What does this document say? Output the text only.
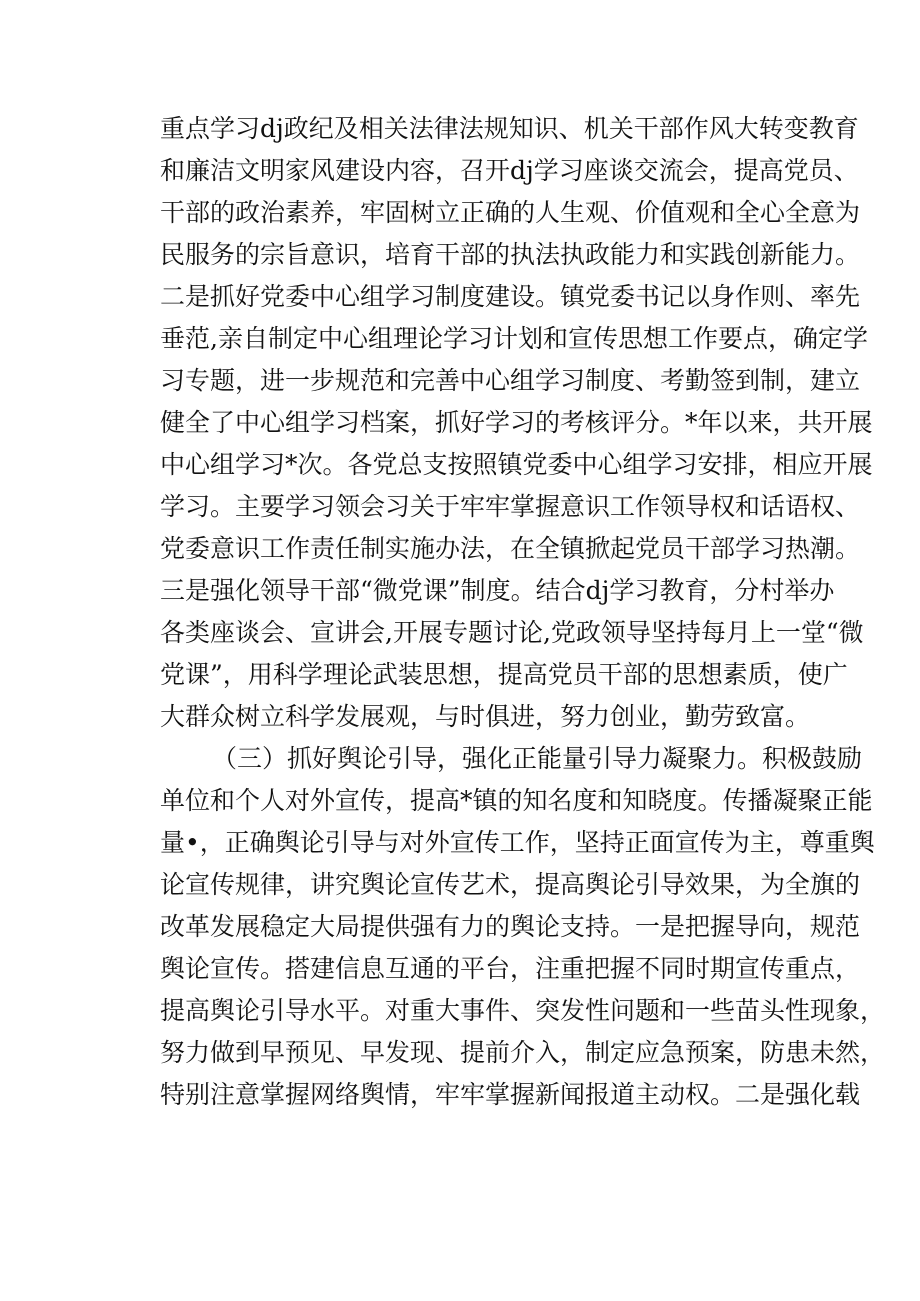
重点学习dj政纪及相关法律法规知识、机关干部作风大转变教育
和廉洁文明家风建设内容，召开dj学习座谈交流会，提高党员、
干部的政治素养，牢固树立正确的人生观、价值观和全心全意为
民服务的宗旨意识，培育干部的执法执政能力和实践创新能力。
二是抓好党委中心组学习制度建设。镇党委书记以身作则、率先
垂范,亲自制定中心组理论学习计划和宣传思想工作要点，确定学
习专题，进一步规范和完善中心组学习制度、考勤签到制，建立
健全了中心组学习档案，抓好学习的考核评分。*年以来，共开展
中心组学习*次。各党总支按照镇党委中心组学习安排，相应开展
学习。主要学习领会习关于牢牢掌握意识工作领导权和话语权、
党委意识工作责任制实施办法，在全镇掀起党员干部学习热潮。
三是强化领导干部“微党课”制度。结合dj学习教育，分村举办
各类座谈会、宣讲会,开展专题讨论,党政领导坚持每月上一堂“微
党课”，用科学理论武装思想，提高党员干部的思想素质，使广
大群众树立科学发展观，与时俱进，努力创业，勤劳致富。
（三）抓好舆论引导，强化正能量引导力凝聚力。积极鼓励
单位和个人对外宣传，提高*镇的知名度和知晓度。传播凝聚正能
量•，正确舆论引导与对外宣传工作，坚持正面宣传为主，尊重舆
论宣传规律，讲究舆论宣传艺术，提高舆论引导效果，为全旗的
改革发展稳定大局提供强有力的舆论支持。一是把握导向，规范
舆论宣传。搭建信息互通的平台，注重把握不同时期宣传重点，
提高舆论引导水平。对重大事件、突发性问题和一些苗头性现象，
努力做到早预见、早发现、提前介入，制定应急预案，防患未然，
特别注意掌握网络舆情，牢牢掌握新闻报道主动权。二是强化载
